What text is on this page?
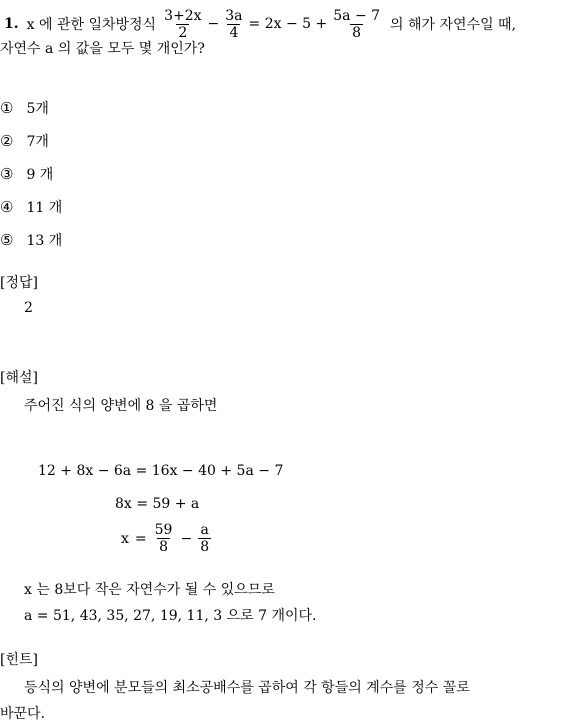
1. x 에 관한 일차방정식 $\frac{3+2x}{2} - \frac{3a}{4} = 2x - 5 + \frac{5a - 7}{8}$ 의 해가 자연수일 때,
자연수 a 의 값을 모두 몇 개인가?
① 5개
② 7개
③ 9 개
④ 11 개
⑤ 13 개
[정답]
2
[해설]
주어진 식의 양변에 8 을 곱하면
12 + 8x − 6a = 16x − 40 + 5a − 7
8x = 59 + a
$x = \frac{59}{8} - \frac{a}{8}$
x 는 8보다 작은 자연수가 될 수 있으므로
a = 51, 43, 35, 27, 19, 11, 3 으로 7 개이다.
[힌트]
등식의 양변에 분모들의 최소공배수를 곱하여 각 항들의 계수를 정수 꼴로
바꾼다.
